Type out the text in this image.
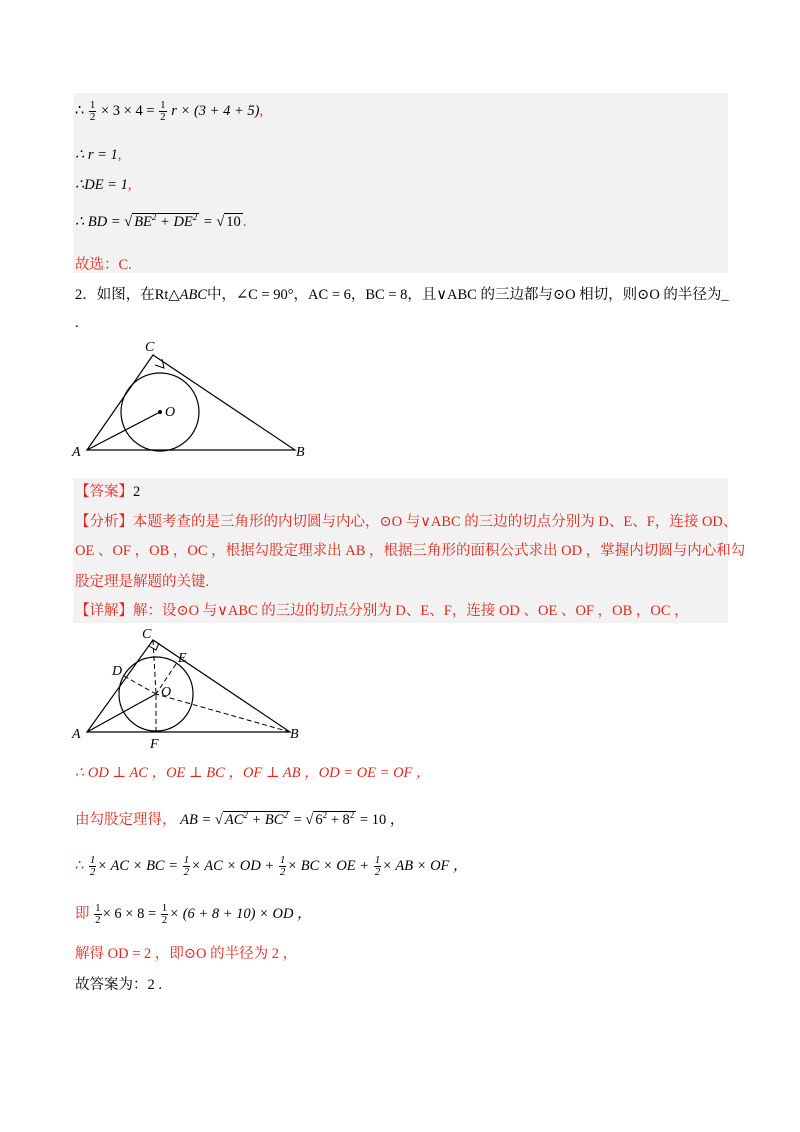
∴ $\frac{1}{2} \times 3 \times 4 = \frac{1}{2}$ r × (3 + 4 + 5),
∴ r = 1,
∴DE = 1,
∴ BD = √ $BE^2 + DE^2$ = √ 10 .
故选：C.
2．如图，在Rt△ABC中，∠C = 90°，AC = 6，BC = 8，且∨ABC 的三边都与⊙O 相切，则⊙O 的半径为_
.
C
O
A	B
【答案】2
【分析】本题考查的是三角形的内切圆与内心，⊙O 与∨ABC 的三边的切点分别为 D、E、F，连接 OD、
OE 、OF ，OB ，OC ，根据勾股定理求出 AB ，根据三角形的面积公式求出 OD ，掌握内切圆与内心和勾
股定理是解题的关键.
【详解】解：设⊙O 与∨ABC 的三边的切点分别为 D、E、F，连接 OD 、OE 、OF ，OB ，OC ，
C
D
E
O
A	B
F
∴ OD ⊥ AC ，OE ⊥ BC ，OF ⊥ AB ，OD = OE = OF ，
由勾股定理得， AB = √ $AC^2 + BC^2$ = √ $6^2 + 8^2 = 10$ ，
∴ $\frac{1}{2}$ × AC × BC = $\frac{1}{2}$ × AC × OD + $\frac{1}{2}$ × BC × OE + $\frac{1}{2}$ × AB × OF ，
即 $\frac{1}{2} \times 6 \times 8 = \frac{1}{2} \times (6 + 8 + 10)$ × OD ，
解得 OD = 2 ，即⊙O 的半径为 2 ，
故答案为：2 .
